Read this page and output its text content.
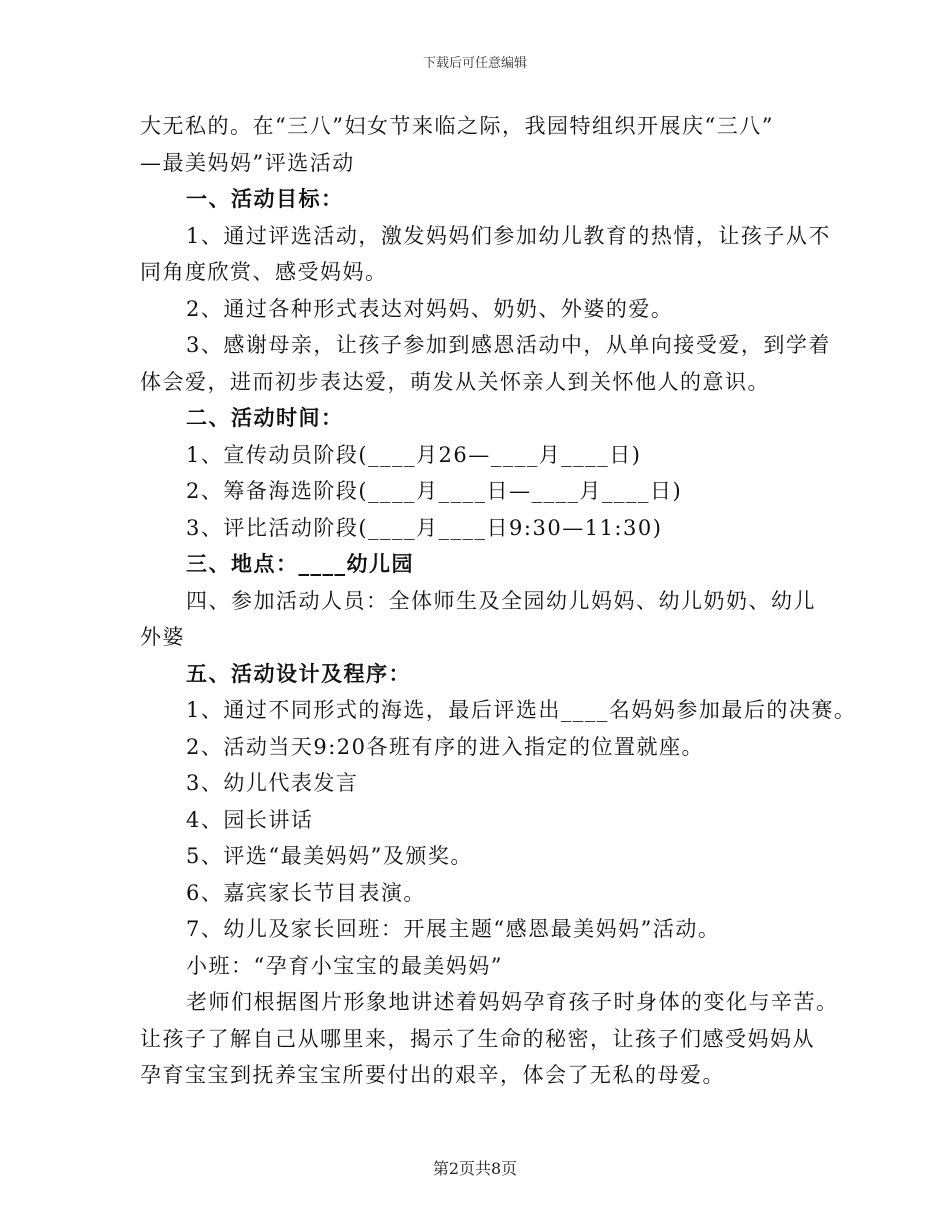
下载后可任意编辑
大无私的。在“三八”妇女节来临之际，我园特组织开展庆“三八”
—最美妈妈”评选活动
一、活动目标：
1、通过评选活动，激发妈妈们参加幼儿教育的热情，让孩子从不
同角度欣赏、感受妈妈。
2、通过各种形式表达对妈妈、奶奶、外婆的爱。
3、感谢母亲，让孩子参加到感恩活动中，从单向接受爱，到学着
体会爱，进而初步表达爱，萌发从关怀亲人到关怀他人的意识。
二、活动时间：
1、宣传动员阶段(____月26—____月____日)
2、筹备海选阶段(____月____日—____月____日)
3、评比活动阶段(____月____日9:30—11:30)
三、地点：____幼儿园
四、参加活动人员：全体师生及全园幼儿妈妈、幼儿奶奶、幼儿
外婆
五、活动设计及程序：
1、通过不同形式的海选，最后评选出____名妈妈参加最后的决赛。
2、活动当天9:20各班有序的进入指定的位置就座。
3、幼儿代表发言
4、园长讲话
5、评选“最美妈妈”及颁奖。
6、嘉宾家长节目表演。
7、幼儿及家长回班：开展主题“感恩最美妈妈”活动。
小班：“孕育小宝宝的最美妈妈”
老师们根据图片形象地讲述着妈妈孕育孩子时身体的变化与辛苦。
让孩子了解自己从哪里来，揭示了生命的秘密，让孩子们感受妈妈从
孕育宝宝到抚养宝宝所要付出的艰辛，体会了无私的母爱。
第2页共8页
